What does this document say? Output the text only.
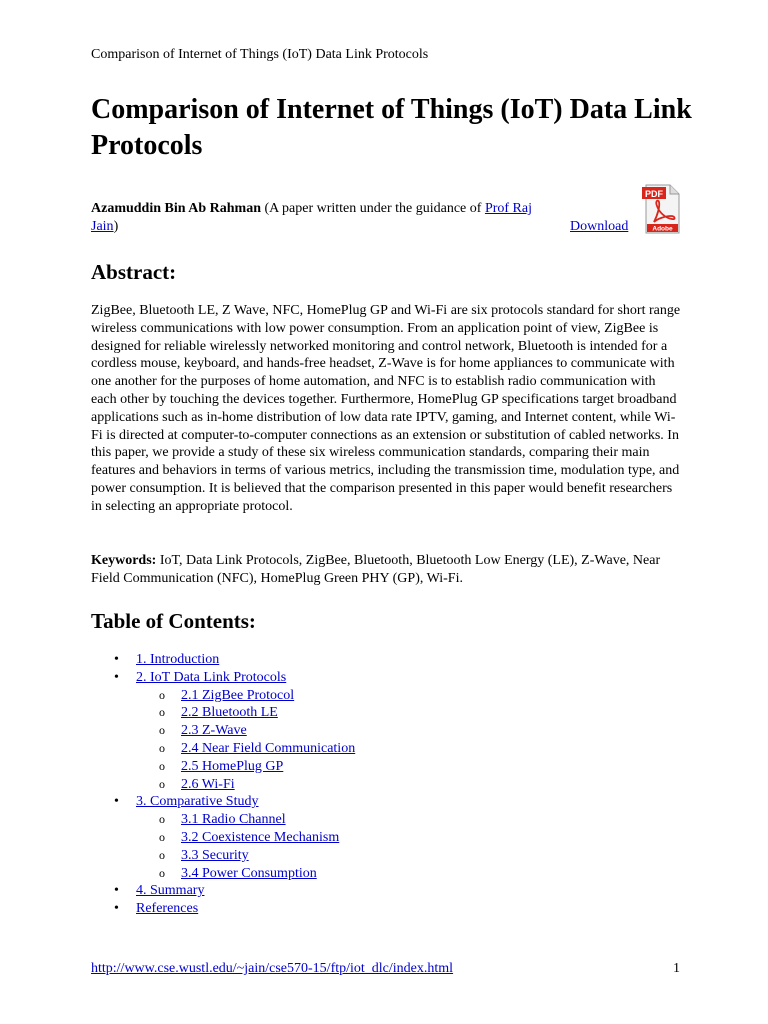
Comparison of Internet of Things (IoT) Data Link Protocols
Comparison of Internet of Things (IoT) Data Link Protocols
Azamuddin Bin Ab Rahman (A paper written under the guidance of Prof Raj Jain)	Download
PDF
Adobe
Abstract:

ZigBee, Bluetooth LE, Z Wave, NFC, HomePlug GP and Wi-Fi are six protocols standard for short range wireless communications with low power consumption. From an application point of view, ZigBee is designed for reliable wirelessly networked monitoring and control network, Bluetooth is intended for a cordless mouse, keyboard, and hands-free headset, Z-Wave is for home appliances to communicate with one another for the purposes of home automation, and NFC is to establish radio communication with each other by touching the devices together. Furthermore, HomePlug GP specifications target broadband applications such as in-home distribution of low data rate IPTV, gaming, and Internet content, while Wi-Fi is directed at computer-to-computer connections as an extension or substitution of cabled networks. In this paper, we provide a study of these six wireless communication standards, comparing their main features and behaviors in terms of various metrics, including the transmission time, modulation type, and power consumption. It is believed that the comparison presented in this paper would benefit researchers in selecting an appropriate protocol.

Keywords: IoT, Data Link Protocols, ZigBee, Bluetooth, Bluetooth Low Energy (LE), Z-Wave, Near Field Communication (NFC), HomePlug Green PHY (GP), Wi-Fi.

Table of Contents:
• 1. Introduction
• 2. IoT Data Link Protocols
o 2.1 ZigBee Protocol
o 2.2 Bluetooth LE
o 2.3 Z-Wave
o 2.4 Near Field Communication
o 2.5 HomePlug GP
o 2.6 Wi-Fi
• 3. Comparative Study
o 3.1 Radio Channel
o 3.2 Coexistence Mechanism
o 3.3 Security
o 3.4 Power Consumption
• 4. Summary
• References
http://www.cse.wustl.edu/~jain/cse570-15/ftp/iot_dlc/index.html	1
